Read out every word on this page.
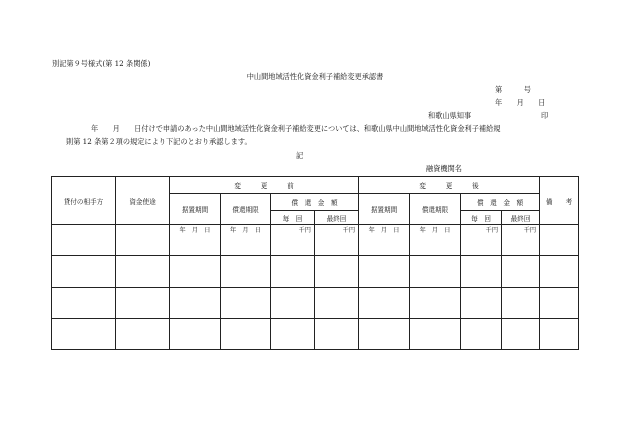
別記第９号様式(第 12 条関係)
中山間地域活性化資金利子補給変更承認書
第　　　号
年　　月　　日
和歌山県知事	印
年　　月　　日付けで申請のあった中山間地域活性化資金利子補給変更については、和歌山県中山間地域活性化資金利子補給規
則第 12 条第２項の規定により下記のとおり承認します。
記
融資機関名
貸付の相手方	資金使途	変　　　更　　　前				変　　　更　　　後				備　　考
		据置期間	償還期限	償　還　金　額		据置期間	償還期限	償　還　金　額		
				毎　回	最終回			毎　回	最終回	
		年　月　日	年　月　日	千円	千円	年　月　日	年　月　日	千円	千円	
